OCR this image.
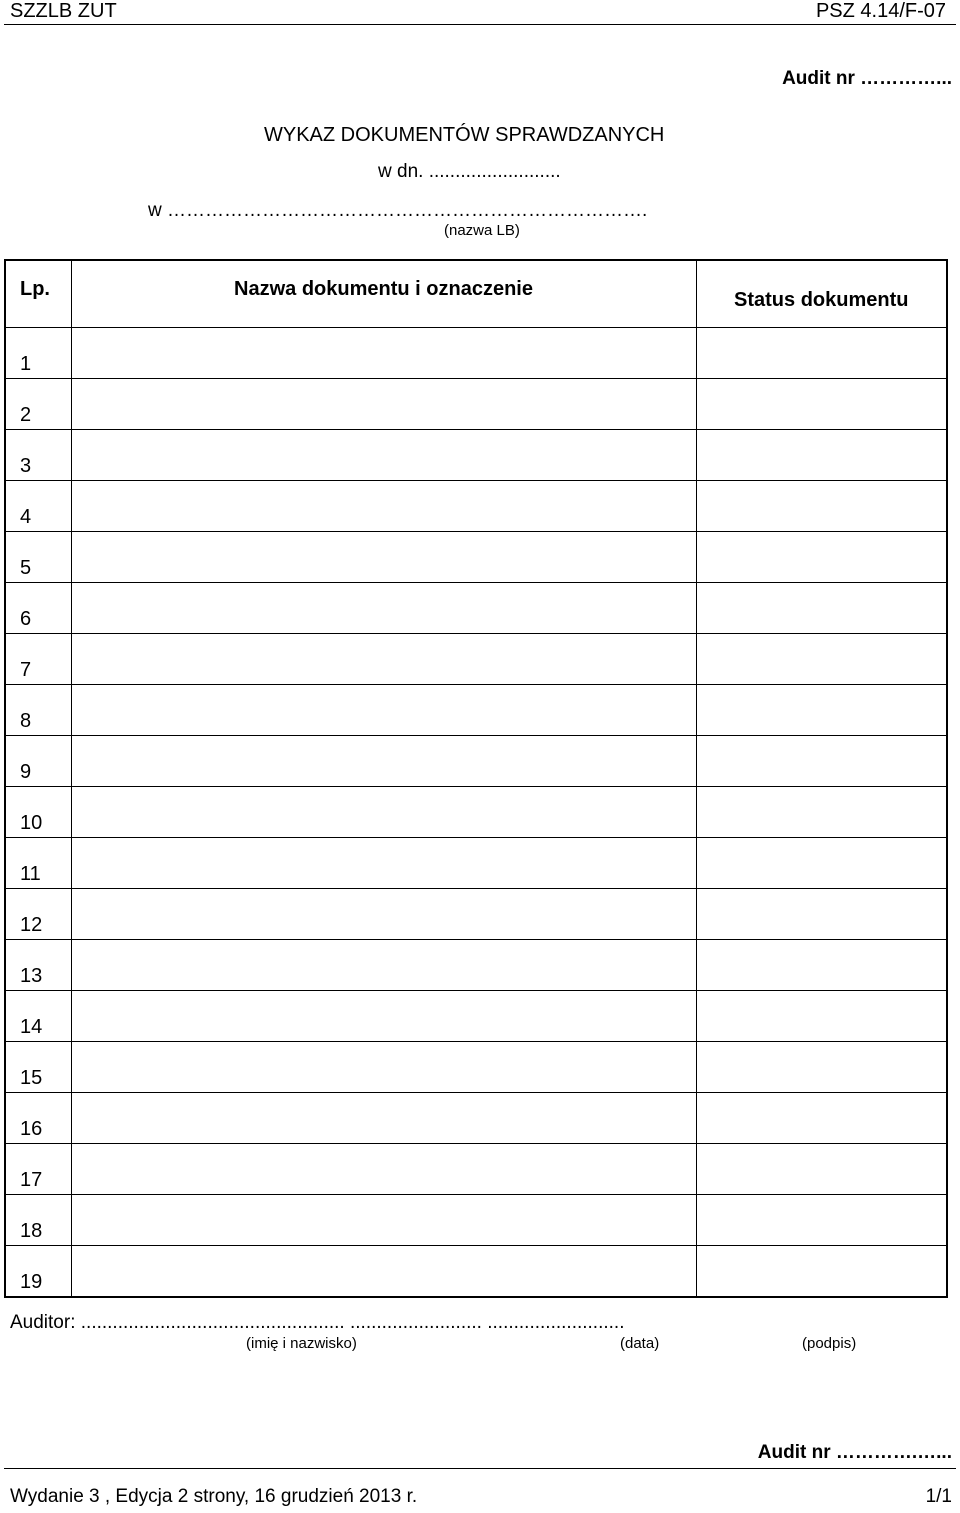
SZZLB ZUT	PSZ 4.14/F-07
Audit nr …………...
WYKAZ DOKUMENTÓW SPRAWDZANYCH
w dn. .........................
w ………………………………………………………………….
(nazwa LB)
Lp.	Nazwa dokumentu i oznaczenie	Status dokumentu

1		

2		

3		

4		

5		

6		

7		

8		

9		

10		

11		

12		

13		

14		

15		

16		

17		

18		

19		

Auditor: .................................................. ......................... ..........................
(imię i nazwisko)	(data)	(podpis)
Audit nr ………….…...
Wydanie 3 , Edycja 2 strony, 16 grudzień 2013 r.	1/1
